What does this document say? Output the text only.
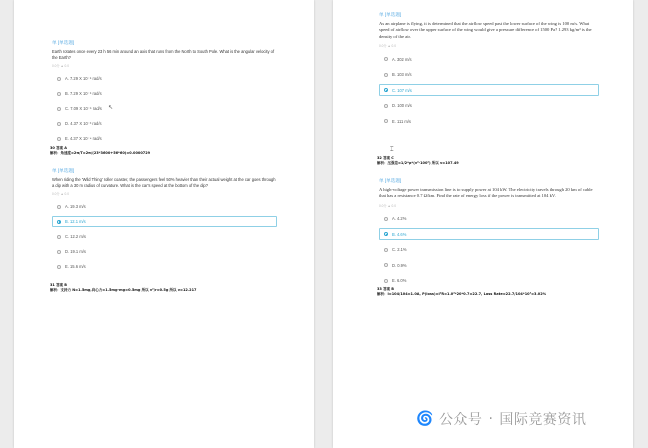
单 [单选题]
Earth rotates once every 23 h 56 min around an axis that runs from the North to South Pole. What is the angular velocity of the Earth?
0.0分 ▲ 0.0
A. 7.29 X 10⁻⁵ rad/s
B. 7.29 X 10⁻⁶ rad/s
C. 7.09 X 10⁻⁵ rad/s
D. 4.37 X 10⁻³ rad/s
E. 4.37 X 10⁻⁴ rad/s
↖
30 答案 A
解析：角速度=2π/T=2π/(23*3600+56*60)=0.0000729
单 [单选题]
When riding the 'Wild Thing' roller coaster, the passengers feel 50% heavier than their actual weight at the car goes through a dip with a 30 m radius of curvature. What is the car's speed at the bottom of the dip?
0.0分 ▲ 0.0
A. 19.3 m/s
B. 12.1 m/s
C. 12.2 m/s
D. 19.1 m/s
E. 15.6 m/s
31 答案 B
解析：支持力 N=1.5mg,向心力=1.5mg-mg=0.5mg 所以 v²/r=0.5g 所以 v=12.217
单 [单选题]
As an airplane is flying, it is determined that the airflow speed past the lower surface of the wing is 100 m/s. What speed of airflow over the upper surface of the wing would give a pressure difference of 1500 Pa? 1.293 kg/m³ is the density of the air.
0.0分 ▲ 0.0
A. 302 m/s
B. 103 m/s
C. 107 m/s
D. 100 m/s
E. 111 m/s
⌶
32 答案 C
解析：压强差=1/2*ρ*(v²-100²) 所以 v=107.49
单 [单选题]
A high-voltage power transmission line is to supply power at 104 kW. The electricity travels through 20 km of cable that has a resistance 0.7 Ω/km. Find the rate of energy loss if the power is transmitted at 104 kV.
0.0分 ▲ 0.0
A. 4.2%
B. 4.6%
C. 2.1%
D. 0.9%
E. 6.0%
33 答案 B
解析：I=104/104=1.0A, P(loss)=I²R=1.0²*20*0.7=22.7, Loss Rate=22.7/104*10³=3.02%
🌀 公众号 · 国际竞赛资讯
